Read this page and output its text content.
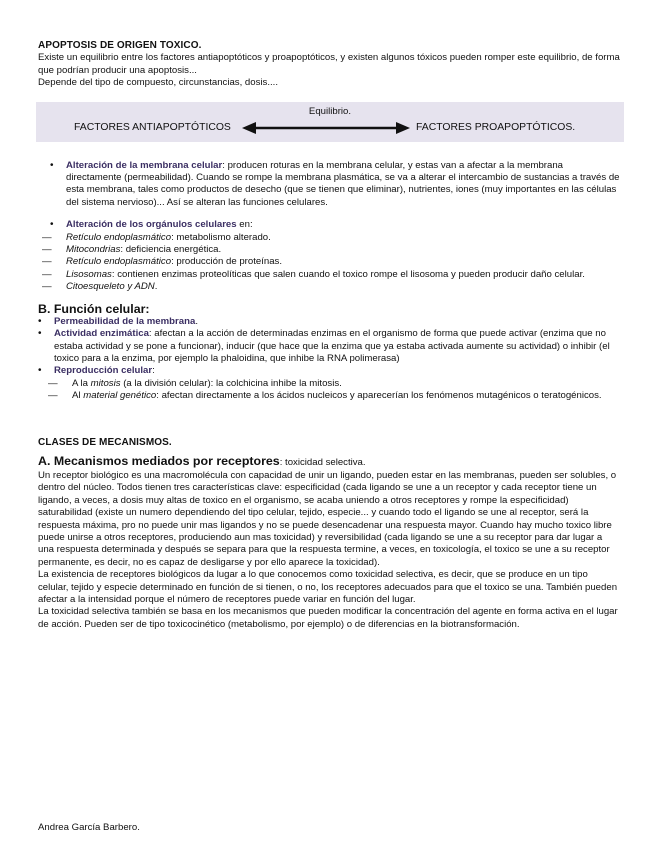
APOPTOSIS DE ORIGEN TOXICO.

Existe un equilibrio entre los factores antiapoptóticos y proapoptóticos, y existen algunos tóxicos pueden romper este equilibrio, de forma que podrían producir una apoptosis...

Depende del tipo de compuesto, circunstancias, dosis....

Equilibrio.
FACTORES ANTIAPOPTÓTICOS	FACTORES PROAPOPTÓTICOS.
• Alteración de la membrana celular: producen roturas en la membrana celular, y estas van a afectar a la membrana directamente (permeabilidad). Cuando se rompe la membrana plasmática, se va a alterar el intercambio de sustancias a través de esta membrana, tales como productos de desecho (que se tienen que eliminar), nutrientes, iones (muy importantes en las células del sistema nervioso)... Así se alteran las funciones celulares.
• Alteración de los orgánulos celulares en:
— Retículo endoplasmático: metabolismo alterado.
— Mitocondrias: deficiencia energética.
— Retículo endoplasmático: producción de proteínas.
— Lisosomas: contienen enzimas proteolíticas que salen cuando el toxico rompe el lisosoma y pueden producir daño celular.
— Citoesqueleto y ADN.
B. Función celular:
• Permeabilidad de la membrana.
• Actividad enzimática: afectan a la acción de determinadas enzimas en el organismo de forma que puede activar (enzima que no estaba actividad y se pone a funcionar), inducir (que hace que la enzima que ya estaba activada aumente su actividad) o inhibir (el toxico para a la enzima, por ejemplo la phaloidina, que inhibe la RNA polimerasa)
• Reproducción celular:
— A la mitosis (a la división celular): la colchicina inhibe la mitosis.
— Al material genético: afectan directamente a los ácidos nucleicos y aparecerían los fenómenos mutagénicos o teratogénicos.

CLASES DE MECANISMOS.

A. Mecanismos mediados por receptores: toxicidad selectiva.

Un receptor biológico es una macromolécula con capacidad de unir un ligando, pueden estar en las membranas, pueden ser solubles, o dentro del núcleo. Todos tienen tres características clave: especificidad (cada ligando se une a un receptor y cada receptor tiene un ligando, a veces, a dosis muy altas de toxico en el organismo, se acaba uniendo a otros receptores y rompe la especificidad) saturabilidad (existe un numero dependiendo del tipo celular, tejido, especie... y cuando todo el ligando se une al receptor, será la respuesta máxima, pro no puede unir mas ligandos y no se puede desencadenar una respuesta mayor. Cuando hay mucho toxico libre puede unirse a otros receptores, produciendo aun mas toxicidad) y reversibilidad (cada ligando se une a su receptor para dar lugar a una respuesta determinada y después se separa para que la respuesta termine, a veces, en toxicología, el toxico se une a su receptor permanente, es decir, no es capaz de desligarse y por ello aparece la toxicidad).

La existencia de receptores biológicos da lugar a lo que conocemos como toxicidad selectiva, es decir, que se produce en un tipo celular, tejido y especie determinado en función de si tienen, o no, los receptores adecuados para que el toxico se una. También pueden afectar a la intensidad porque el número de receptores puede variar en función del lugar.

La toxicidad selectiva también se basa en los mecanismos que pueden modificar la concentración del agente en forma activa en el lugar de acción. Pueden ser de tipo toxicocinético (metabolismo, por ejemplo) o de diferencias en la biotransformación.

Andrea García Barbero.
